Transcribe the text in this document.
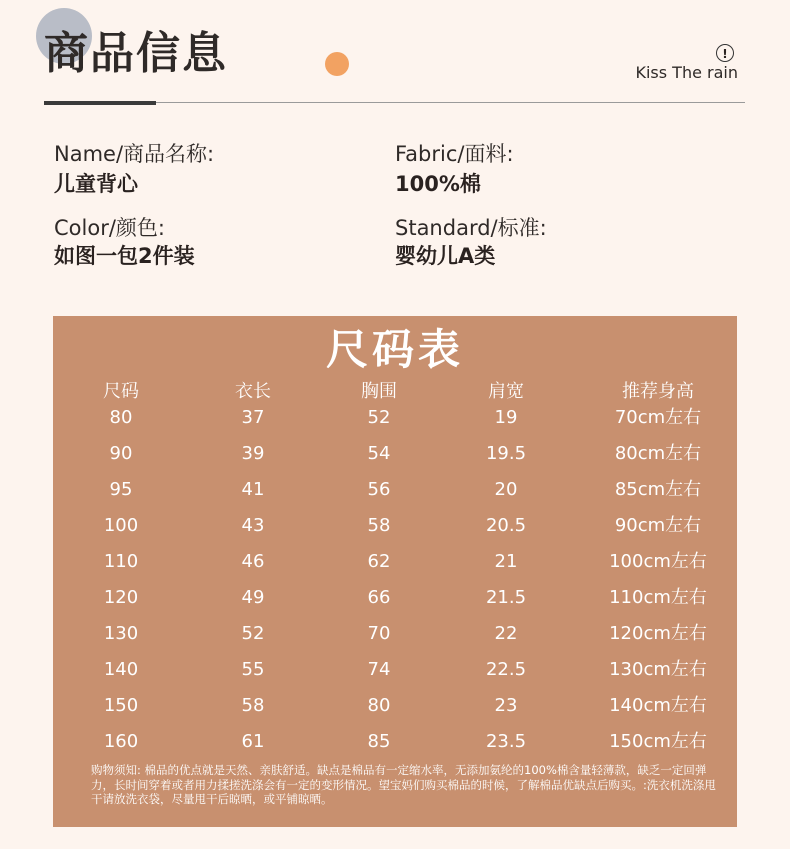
商品信息	!
Kiss The rain
Name/商品名称:
儿童背心
Fabric/面料:
100%棉
Color/颜色:
如图一包2件装
Standard/标准:
婴幼儿A类
尺码表
尺码	衣长	胸围	肩宽	推荐身高
80	37	52	19	70cm左右
90	39	54	19.5	80cm左右
95	41	56	20	85cm左右
100	43	58	20.5	90cm左右
110	46	62	21	100cm左右
120	49	66	21.5	110cm左右
130	52	70	22	120cm左右
140	55	74	22.5	130cm左右
150	58	80	23	140cm左右
160	61	85	23.5	150cm左右
购物须知: 棉品的优点就是天然、亲肤舒适。缺点是棉品有一定缩水率，无添加氨纶的100%棉含量轻薄款，缺乏一定回弹力，长时间穿着或者用力揉搓洗涤会有一定的变形情况。望宝妈们购买棉品的时候，了解棉品优缺点后购买。:洗衣机洗涤甩干请放洗衣袋，尽量甩干后晾晒，或平铺晾晒。
